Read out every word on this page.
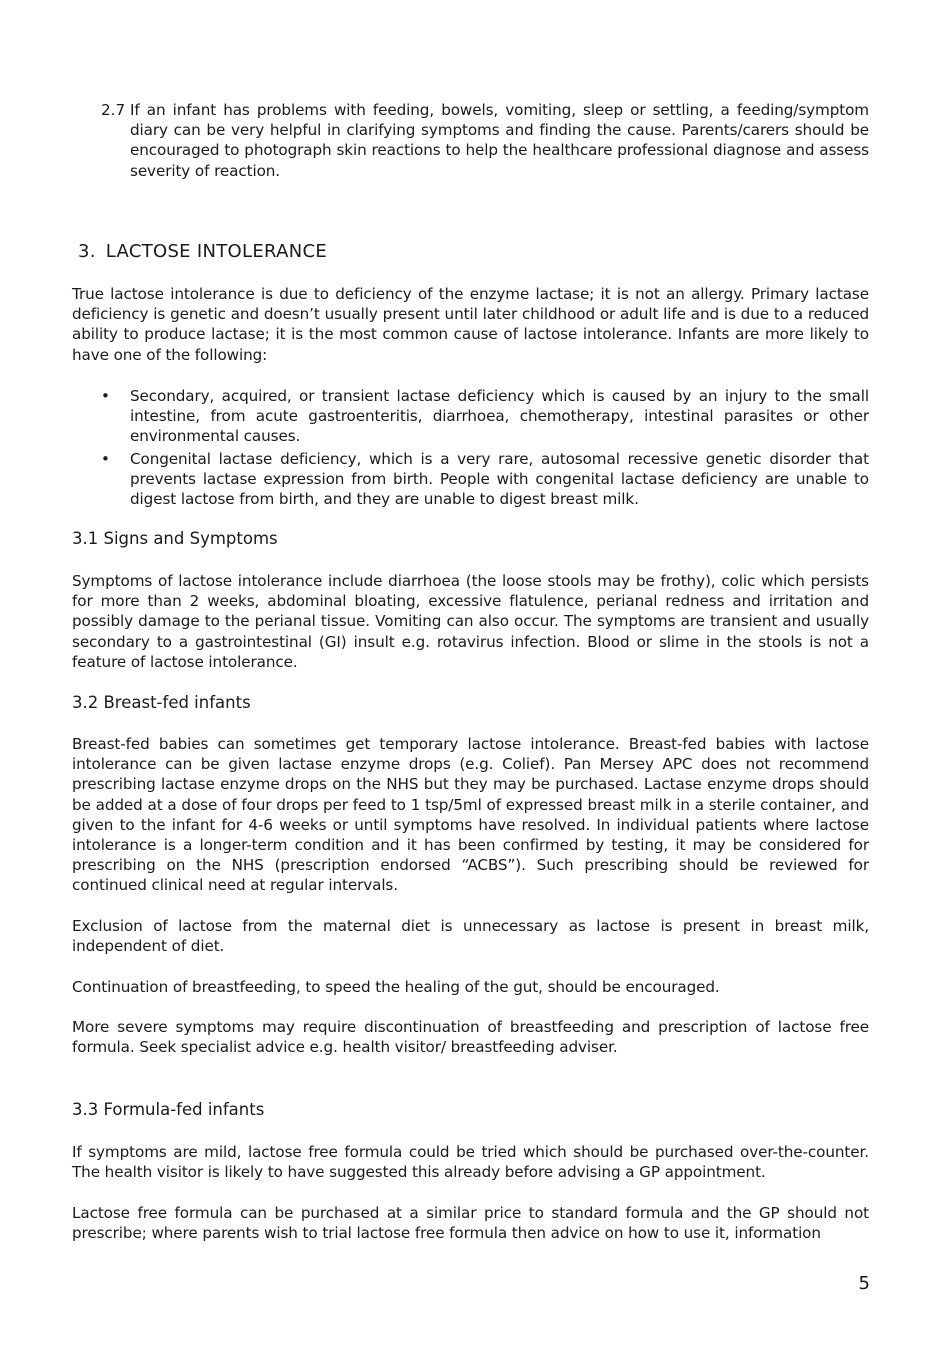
2.7 If an infant has problems with feeding, bowels, vomiting, sleep or settling, a feeding/symptom diary can be very helpful in clarifying symptoms and finding the cause. Parents/carers should be encouraged to photograph skin reactions to help the healthcare professional diagnose and assess severity of reaction.

3. LACTOSE INTOLERANCE

True lactose intolerance is due to deficiency of the enzyme lactase; it is not an allergy. Primary lactase deficiency is genetic and doesn’t usually present until later childhood or adult life and is due to a reduced ability to produce lactase; it is the most common cause of lactose intolerance. Infants are more likely to have one of the following:

•	Secondary, acquired, or transient lactase deficiency which is caused by an injury to the small intestine, from acute gastroenteritis, diarrhoea, chemotherapy, intestinal parasites or other environmental causes.

•	Congenital lactase deficiency, which is a very rare, autosomal recessive genetic disorder that prevents lactase expression from birth. People with congenital lactase deficiency are unable to digest lactose from birth, and they are unable to digest breast milk.

3.1 Signs and Symptoms

Symptoms of lactose intolerance include diarrhoea (the loose stools may be frothy), colic which persists for more than 2 weeks, abdominal bloating, excessive flatulence, perianal redness and irritation and possibly damage to the perianal tissue. Vomiting can also occur. The symptoms are transient and usually secondary to a gastrointestinal (GI) insult e.g. rotavirus infection. Blood or slime in the stools is not a feature of lactose intolerance.

3.2 Breast-fed infants

Breast-fed babies can sometimes get temporary lactose intolerance. Breast-fed babies with lactose intolerance can be given lactase enzyme drops (e.g. Colief). Pan Mersey APC does not recommend prescribing lactase enzyme drops on the NHS but they may be purchased. Lactase enzyme drops should be added at a dose of four drops per feed to 1 tsp/5ml of expressed breast milk in a sterile container, and given to the infant for 4-6 weeks or until symptoms have resolved. In individual patients where lactose intolerance is a longer-term condition and it has been confirmed by testing, it may be considered for prescribing on the NHS (prescription endorsed “ACBS”). Such prescribing should be reviewed for continued clinical need at regular intervals.

Exclusion of lactose from the maternal diet is unnecessary as lactose is present in breast milk, independent of diet.

Continuation of breastfeeding, to speed the healing of the gut, should be encouraged.

More severe symptoms may require discontinuation of breastfeeding and prescription of lactose free formula. Seek specialist advice e.g. health visitor/ breastfeeding adviser.

3.3 Formula-fed infants

If symptoms are mild, lactose free formula could be tried which should be purchased over-the-counter. The health visitor is likely to have suggested this already before advising a GP appointment.

Lactose free formula can be purchased at a similar price to standard formula and the GP should not prescribe; where parents wish to trial lactose free formula then advice on how to use it, information

5
